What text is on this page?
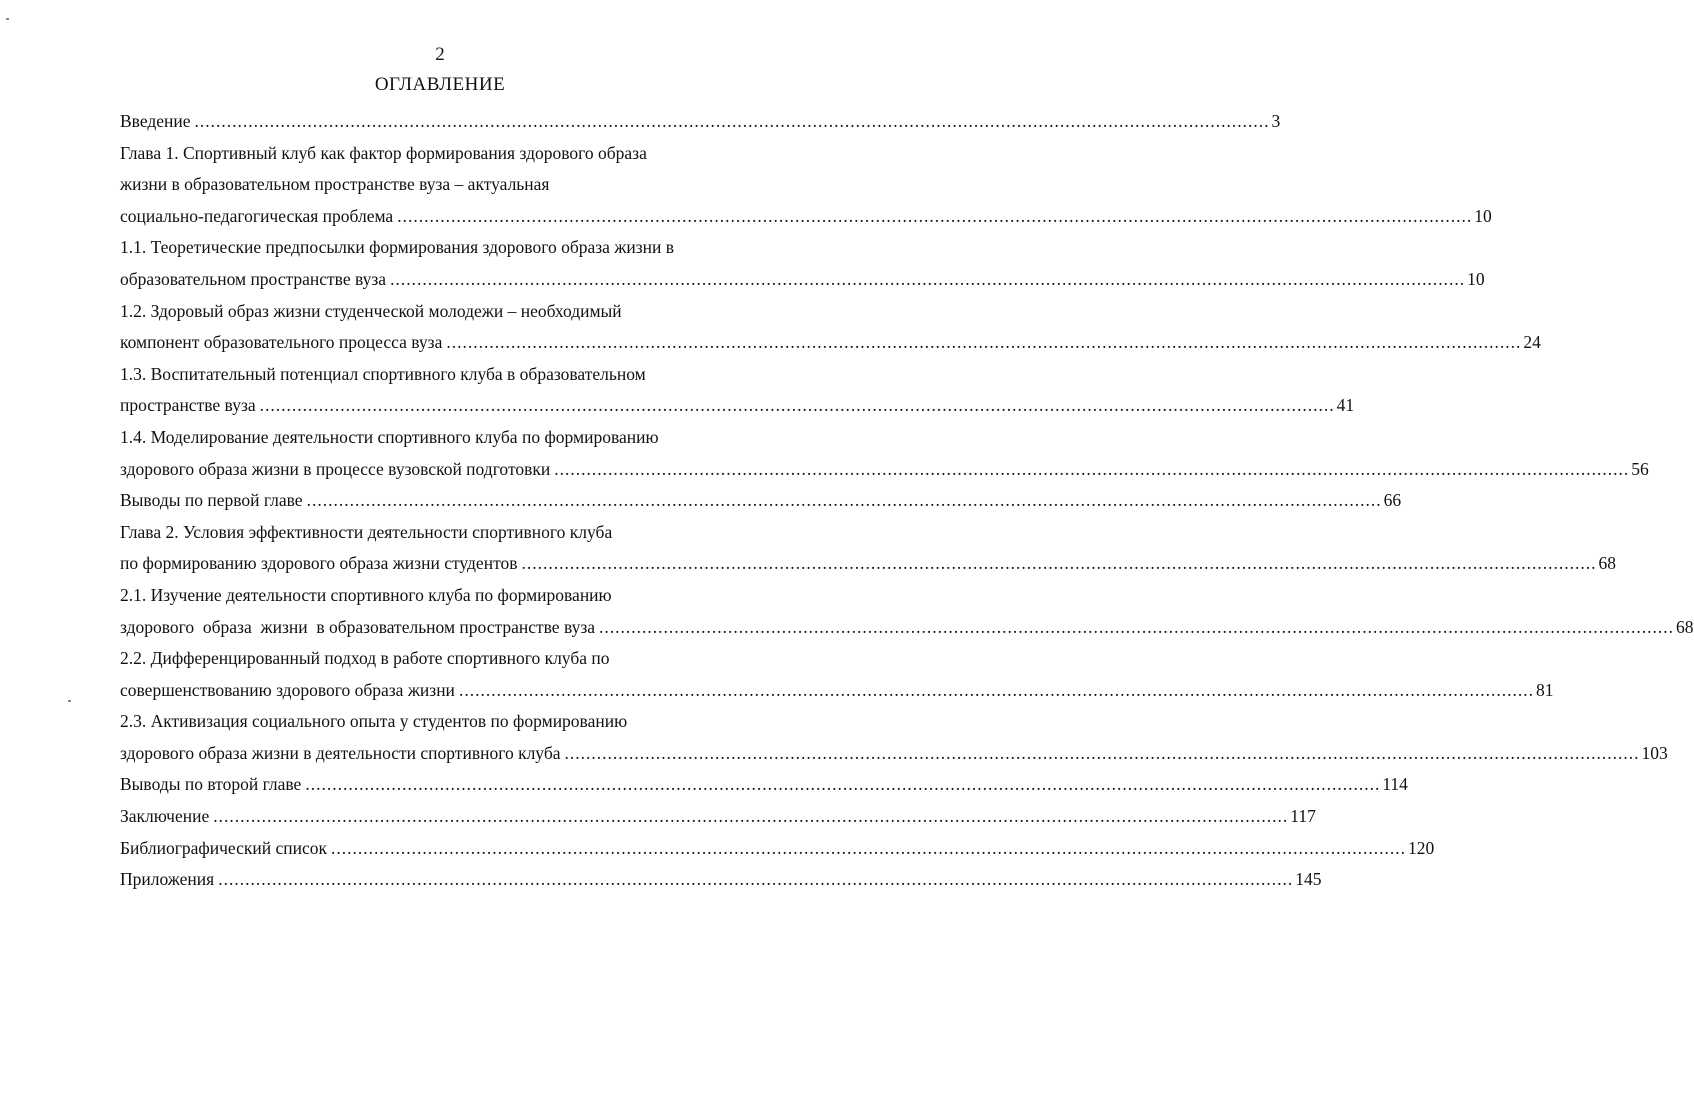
2
ОГЛАВЛЕНИЕ
Введение ........................................................................................................................................................................................................ 3
Глава 1. Спортивный клуб как фактор формирования здорового образа
жизни в образовательном пространстве вуза – актуальная
социально-педагогическая проблема ........................................................................................................................................................................................................ 10
1.1. Теоретические предпосылки формирования здорового образа жизни в
образовательном пространстве вуза ........................................................................................................................................................................................................ 10
1.2. Здоровый образ жизни студенческой молодежи – необходимый
компонент образовательного процесса вуза ........................................................................................................................................................................................................ 24
1.3. Воспитательный потенциал спортивного клуба в образовательном
пространстве вуза ........................................................................................................................................................................................................ 41
1.4. Моделирование деятельности спортивного клуба по формированию
здорового образа жизни в процессе вузовской подготовки ........................................................................................................................................................................................................ 56
Выводы по первой главе ........................................................................................................................................................................................................ 66
Глава 2. Условия эффективности деятельности спортивного клуба
по формированию здорового образа жизни студентов ........................................................................................................................................................................................................ 68
2.1. Изучение деятельности спортивного клуба по формированию
здорового  образа  жизни  в образовательном пространстве вуза ........................................................................................................................................................................................................ 68
2.2. Дифференцированный подход в работе спортивного клуба по
совершенствованию здорового образа жизни ........................................................................................................................................................................................................ 81
2.3. Активизация социального опыта у студентов по формированию
здорового образа жизни в деятельности спортивного клуба ........................................................................................................................................................................................................ 103
Выводы по второй главе ........................................................................................................................................................................................................ 114
Заключение ........................................................................................................................................................................................................ 117
Библиографический список ........................................................................................................................................................................................................ 120
Приложения ........................................................................................................................................................................................................ 145
